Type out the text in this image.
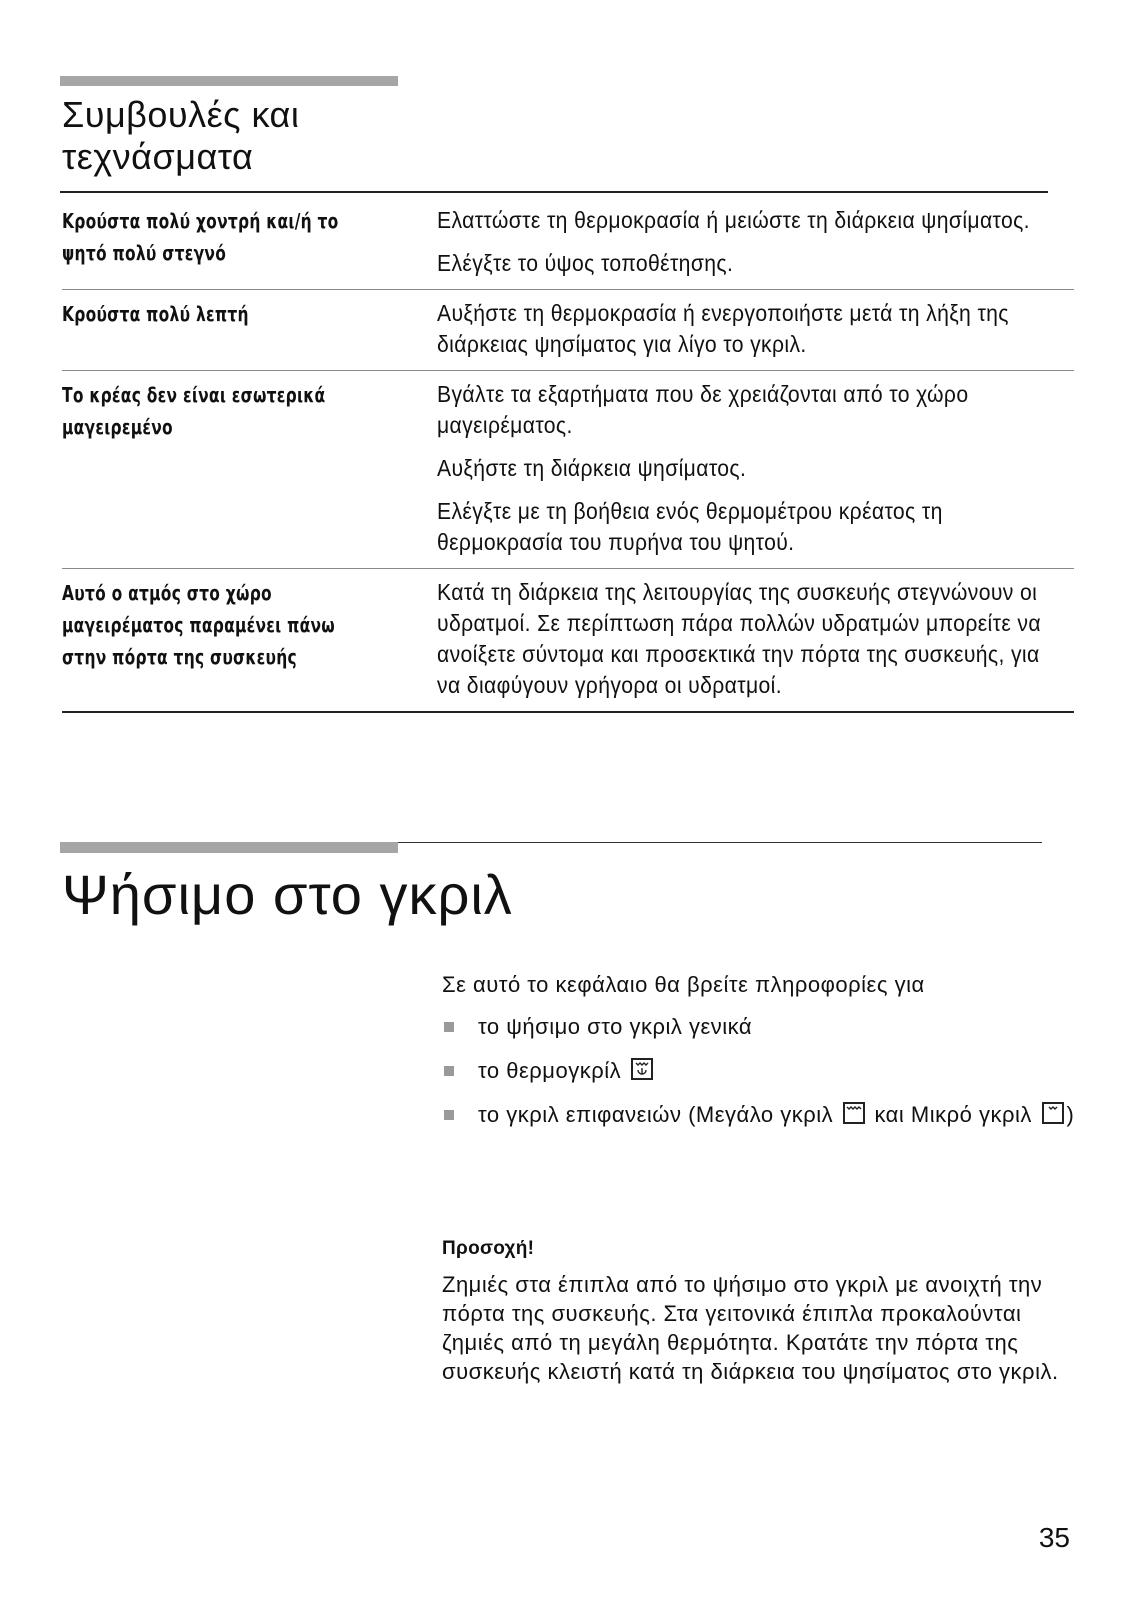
Συμβουλές και τεχνάσματα
Κρούστα πολύ χοντρή και/ή το ψητό πολύ στεγνό

Ελαττώστε τη θερμοκρασία ή μειώστε τη διάρκεια ψησίματος.

Ελέγξτε το ύψος τοποθέτησης.

Κρούστα πολύ λεπτή	Αυξήστε τη θερμοκρασία ή ενεργοποιήστε μετά τη λήξη της διάρκειας ψησίματος για λίγο το γκριλ.

Το κρέας δεν είναι εσωτερικά μαγειρεμένο

Βγάλτε τα εξαρτήματα που δε χρειάζονται από το χώρο μαγειρέματος.

Αυξήστε τη διάρκεια ψησίματος.

Ελέγξτε με τη βοήθεια ενός θερμομέτρου κρέατος τη θερμοκρασία του πυρήνα του ψητού.

Αυτό ο ατμός στο χώρο μαγειρέματος παραμένει πάνω στην πόρτα της συσκευής

Κατά τη διάρκεια της λειτουργίας της συσκευής στεγνώνουν οι υδρατμοί. Σε περίπτωση πάρα πολλών υδρατμών μπορείτε να ανοίξετε σύντομα και προσεκτικά την πόρτα της συσκευής, για να διαφύγουν γρήγορα οι υδρατμοί.

Ψήσιμο στο γκριλ

Σε αυτό το κεφάλαιο θα βρείτε πληροφορίες για

το ψήσιμο στο γκριλ γενικά
το θερμογκρίλ
το γκριλ επιφανειών (Μεγάλο γκριλ και Μικρό γκριλ )
Προσοχή!

Ζημιές στα έπιπλα από το ψήσιμο στο γκριλ με ανοιχτή την πόρτα της συσκευής. Στα γειτονικά έπιπλα προκαλούνται ζημιές από τη μεγάλη θερμότητα. Κρατάτε την πόρτα της συσκευής κλειστή κατά τη διάρκεια του ψησίματος στο γκριλ.

35
